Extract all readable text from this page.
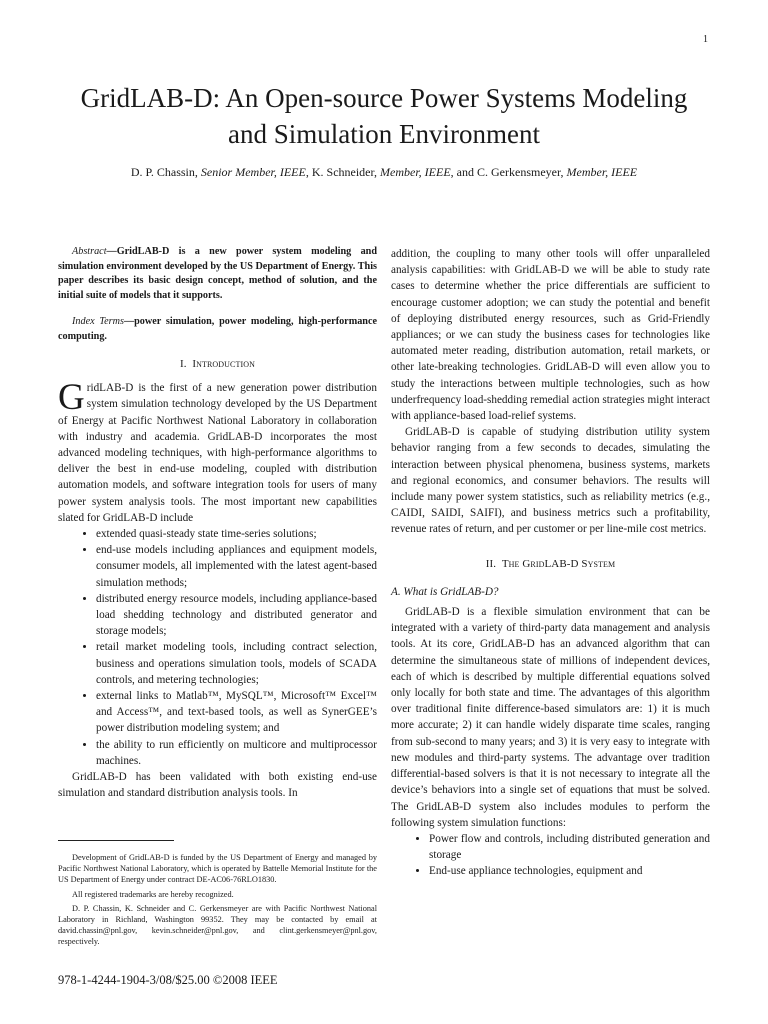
1
GridLAB-D: An Open-source Power Systems Modeling and Simulation Environment
D. P. Chassin, Senior Member, IEEE, K. Schneider, Member, IEEE, and C. Gerkensmeyer, Member, IEEE

Abstract—GridLAB-D is a new power system modeling and simulation environment developed by the US Department of Energy. This paper describes its basic design concept, method of solution, and the initial suite of models that it supports.

Index Terms—power simulation, power modeling, high-performance computing.

I. Introduction

GridLAB-D is the first of a new generation power distribution system simulation technology developed by the US Department of Energy at Pacific Northwest National Laboratory in collaboration with industry and academia. GridLAB-D incorporates the most advanced modeling techniques, with high-performance algorithms to deliver the best in end-use modeling, coupled with distribution automation models, and software integration tools for users of many power system analysis tools. The most important new capabilities slated for GridLAB-D include

• extended quasi-steady state time-series solutions;
• end-use models including appliances and equipment models, consumer models, all implemented with the latest agent-based simulation methods;
• distributed energy resource models, including appliance-based load shedding technology and distributed generator and storage models;
• retail market modeling tools, including contract selection, business and operations simulation tools, models of SCADA controls, and metering technologies;
• external links to Matlab™, MySQL™, Microsoft™ Excel™ and Access™, and text-based tools, as well as SynerGEE’s power distribution modeling system; and
• the ability to run efficiently on multicore and multiprocessor machines.

GridLAB-D has been validated with both existing end-use simulation and standard distribution analysis tools. In

Development of GridLAB-D is funded by the US Department of Energy and managed by Pacific Northwest National Laboratory, which is operated by Battelle Memorial Institute for the US Department of Energy under contract DE-AC06-76RLO1830.

All registered trademarks are hereby recognized.

D. P. Chassin, K. Schneider and C. Gerkensmeyer are with Pacific Northwest National Laboratory in Richland, Washington 99352. They may be contacted by email at david.chassin@pnl.gov, kevin.schneider@pnl.gov, and clint.gerkensmeyer@pnl.gov, respectively.

978-1-4244-1904-3/08/$25.00 ©2008 IEEE

addition, the coupling to many other tools will offer unparalleled analysis capabilities: with GridLAB-D we will be able to study rate cases to determine whether the price differentials are sufficient to encourage customer adoption; we can study the potential and benefit of deploying distributed energy resources, such as Grid-Friendly appliances; or we can study the business cases for technologies like automated meter reading, distribution automation, retail markets, or other late-breaking technologies. GridLAB-D will even allow you to study the interactions between multiple technologies, such as how underfrequency load-shedding remedial action strategies might interact with appliance-based load-relief systems.

GridLAB-D is capable of studying distribution utility system behavior ranging from a few seconds to decades, simulating the interaction between physical phenomena, business systems, markets and regional economics, and consumer behaviors. The results will include many power system statistics, such as reliability metrics (e.g., CAIDI, SAIDI, SAIFI), and business metrics such a profitability, revenue rates of return, and per customer or per line-mile cost metrics.

II. The GridLAB-D System
A. What is GridLAB-D?

GridLAB-D is a flexible simulation environment that can be integrated with a variety of third-party data management and analysis tools. At its core, GridLAB-D has an advanced algorithm that can determine the simultaneous state of millions of independent devices, each of which is described by multiple differential equations solved only locally for both state and time. The advantages of this algorithm over traditional finite difference-based simulators are: 1) it is much more accurate; 2) it can handle widely disparate time scales, ranging from sub-second to many years; and 3) it is very easy to integrate with new modules and third-party systems. The advantage over tradition differential-based solvers is that it is not necessary to integrate all the device’s behaviors into a single set of equations that must be solved. The GridLAB-D system also includes modules to perform the following system simulation functions:

• Power flow and controls, including distributed generation and storage
• End-use appliance technologies, equipment and
